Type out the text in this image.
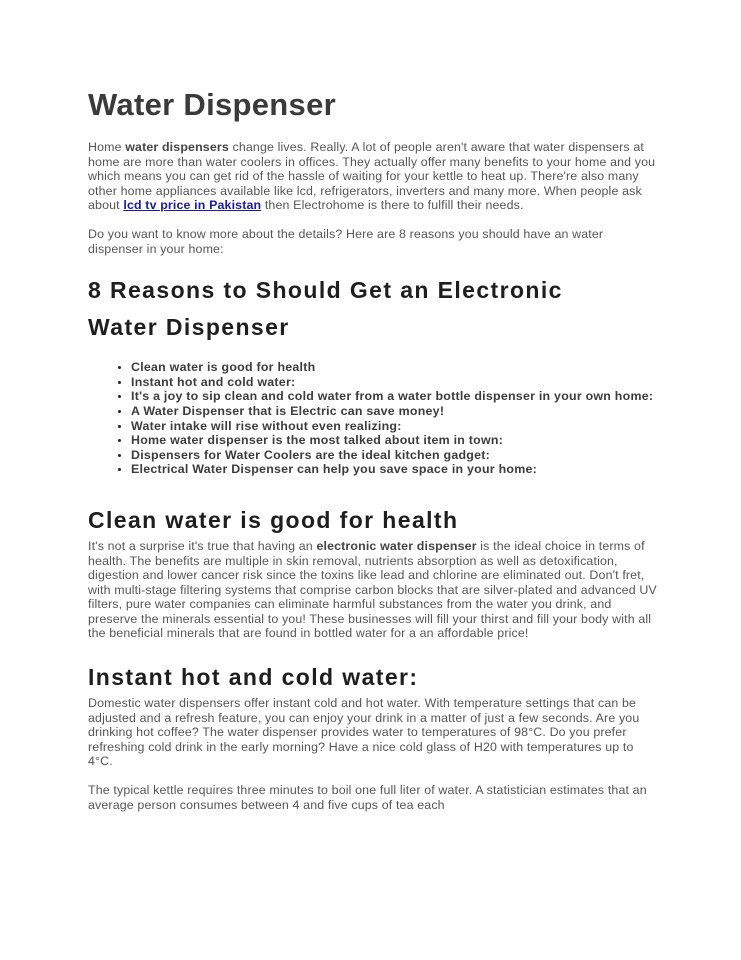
Water Dispenser

Home water dispensers change lives. Really. A lot of people aren't aware that water dispensers at home are more than water coolers in offices. They actually offer many benefits to your home and you which means you can get rid of the hassle of waiting for your kettle to heat up. There're also many other home appliances available like lcd, refrigerators, inverters and many more. When people ask about lcd tv price in Pakistan then Electrohome is there to fulfill their needs.

Do you want to know more about the details? Here are 8 reasons you should have an water dispenser in your home:

8 Reasons to Should Get an Electronic Water Dispenser
• Clean water is good for health
• Instant hot and cold water:
• It's a joy to sip clean and cold water from a water bottle dispenser in your own home:
• A Water Dispenser that is Electric can save money!
• Water intake will rise without even realizing:
• Home water dispenser is the most talked about item in town:
• Dispensers for Water Coolers are the ideal kitchen gadget:
• Electrical Water Dispenser can help you save space in your home:
Clean water is good for health

It's not a surprise it's true that having an electronic water dispenser is the ideal choice in terms of health. The benefits are multiple in skin removal, nutrients absorption as well as detoxification, digestion and lower cancer risk since the toxins like lead and chlorine are eliminated out. Don't fret, with multi-stage filtering systems that comprise carbon blocks that are silver-plated and advanced UV filters, pure water companies can eliminate harmful substances from the water you drink, and preserve the minerals essential to you! These businesses will fill your thirst and fill your body with all the beneficial minerals that are found in bottled water for a an affordable price!

Instant hot and cold water:

Domestic water dispensers offer instant cold and hot water. With temperature settings that can be adjusted and a refresh feature, you can enjoy your drink in a matter of just a few seconds. Are you drinking hot coffee? The water dispenser provides water to temperatures of 98°C. Do you prefer refreshing cold drink in the early morning? Have a nice cold glass of H20 with temperatures up to 4°C.

The typical kettle requires three minutes to boil one full liter of water. A statistician estimates that an average person consumes between 4 and five cups of tea each
